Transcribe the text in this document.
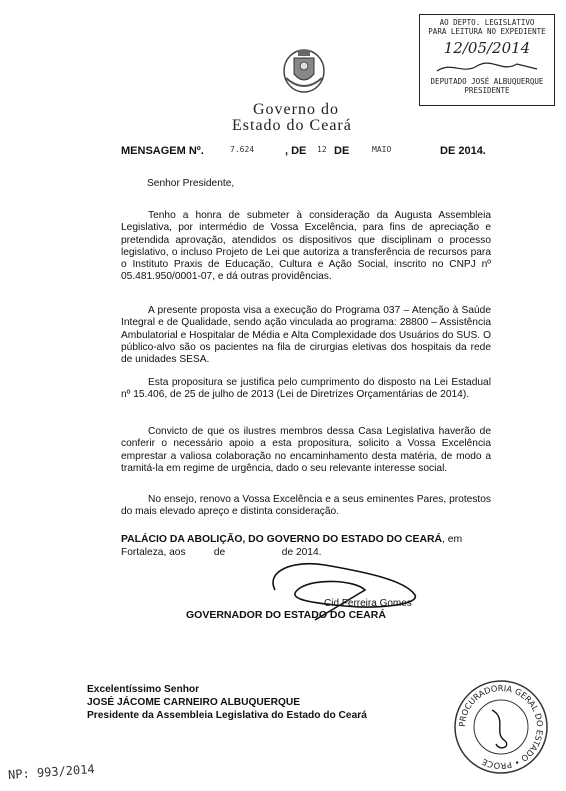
AO DEPTO. LEGISLATIVO
PARA LEITURA NO EXPEDIENTE
12/05/2014
DEPUTADO JOSÉ ALBUQUERQUE
PRESIDENTE
Governo do
Estado do Ceará
MENSAGEM Nº.	7.624	, DE 12 DE	MAIO	DE 2014.
Senhor Presidente,
Tenho a honra de submeter à consideração da Augusta Assembleia Legislativa, por intermédio de Vossa Excelência, para fins de apreciação e pretendida aprovação, atendidos os dispositivos que disciplinam o processo legislativo, o incluso Projeto de Lei que autoriza a transferência de recursos para o Instituto Praxis de Educação, Cultura e Ação Social, inscrito no CNPJ nº 05.481.950/0001-07, e dá outras providências.
A presente proposta visa a execução do Programa 037 – Atenção à Saúde Integral e de Qualidade, sendo ação vinculada ao programa: 28800 – Assistência Ambulatorial e Hospitalar de Média e Alta Complexidade dos Usuários do SUS. O público-alvo são os pacientes na fila de cirurgias eletivas dos hospitais da rede de unidades SESA.
Esta propositura se justifica pelo cumprimento do disposto na Lei Estadual nº 15.406, de 25 de julho de 2013 (Lei de Diretrizes Orçamentárias de 2014).
Convicto de que os ilustres membros dessa Casa Legislativa haverão de conferir o necessário apoio a esta propositura, solicito a Vossa Excelência emprestar a valiosa colaboração no encaminhamento desta matéria, de modo a tramitá-la em regime de urgência, dado o seu relevante interesse social.
No ensejo, renovo a Vossa Excelência e a seus eminentes Pares, protestos do mais elevado apreço e distinta consideração.
PALÁCIO DA ABOLIÇÃO, DO GOVERNO DO ESTADO DO CEARÁ, em
Fortaleza, aos          de                    de 2014.
Cid Ferreira Gomes
GOVERNADOR DO ESTADO DO CEARÁ
Excelentíssimo Senhor
JOSÉ JÁCOME CARNEIRO ALBUQUERQUE
Presidente da Assembleia Legislativa do Estado do Ceará
PROCURADORIA GERAL DO ESTADO • PROCE
NP: 993/2014
